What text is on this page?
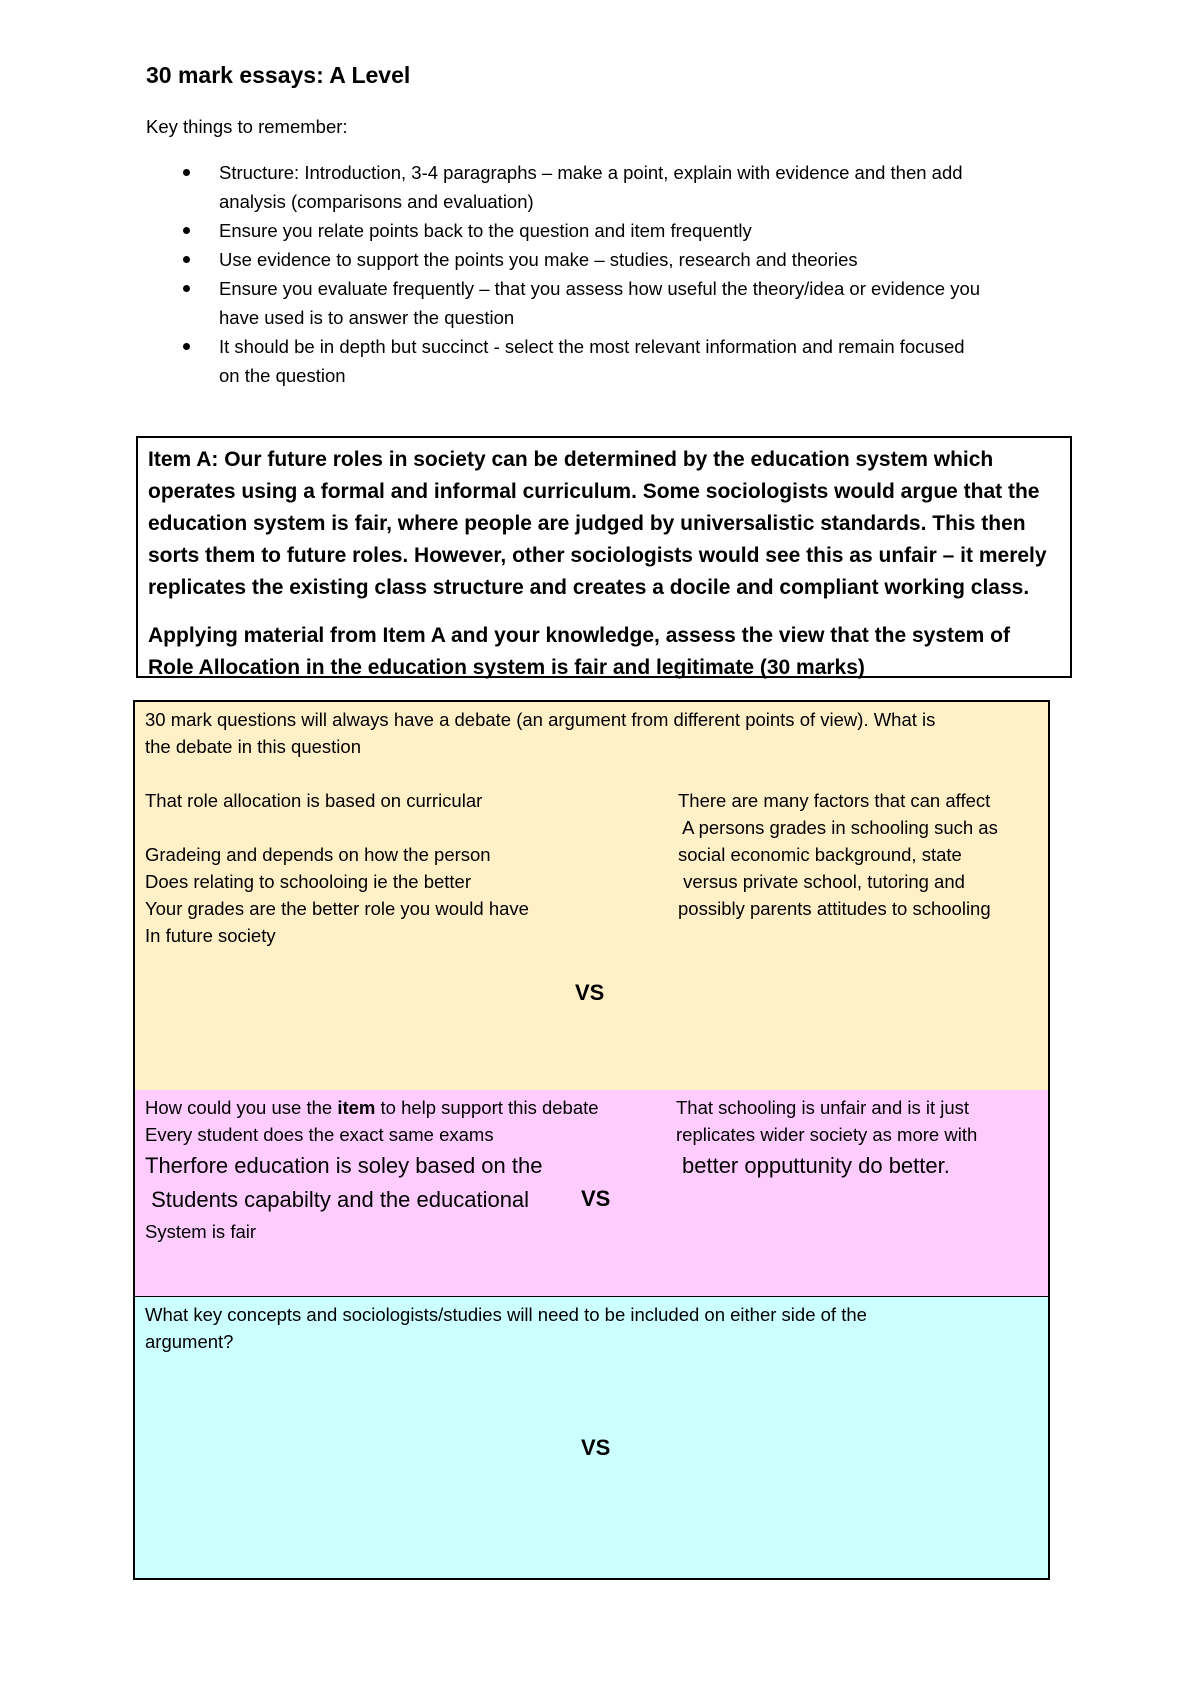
30 mark essays: A Level
Key things to remember:
Structure: Introduction, 3-4 paragraphs – make a point, explain with evidence and then add
analysis (comparisons and evaluation)
Ensure you relate points back to the question and item frequently
Use evidence to support the points you make – studies, research and theories
Ensure you evaluate frequently – that you assess how useful the theory/idea or evidence you
have used is to answer the question
It should be in depth but succinct - select the most relevant information and remain focused
on the question

Item A: Our future roles in society can be determined by the education system which

operates using a formal and informal curriculum. Some sociologists would argue that the

education system is fair, where people are judged by universalistic standards. This then

sorts them to future roles. However, other sociologists would see this as unfair – it merely

replicates the existing class structure and creates a docile and compliant working class.

Applying material from Item A and your knowledge, assess the view that the system of

Role Allocation in the education system is fair and legitimate (30 marks)

30 mark questions will always have a debate (an argument from different points of view). What is
the debate in this question
That role allocation is based on curricular
Gradeing and depends on how the person
Does relating to schooloing ie the better
Your grades are the better role you would have
In future society
There are many factors that can affect
A persons grades in schooling such as
social economic background, state
versus private school, tutoring and
possibly parents attitudes to schooling
VS
How could you use the item to help support this debate
Every student does the exact same exams
Therfore education is soley based on the
Students capabilty and the educational
System is fair
That schooling is unfair and is it just
replicates wider society as more with
better opputtunity do better.
VS
What key concepts and sociologists/studies will need to be included on either side of the
argument?
VS
